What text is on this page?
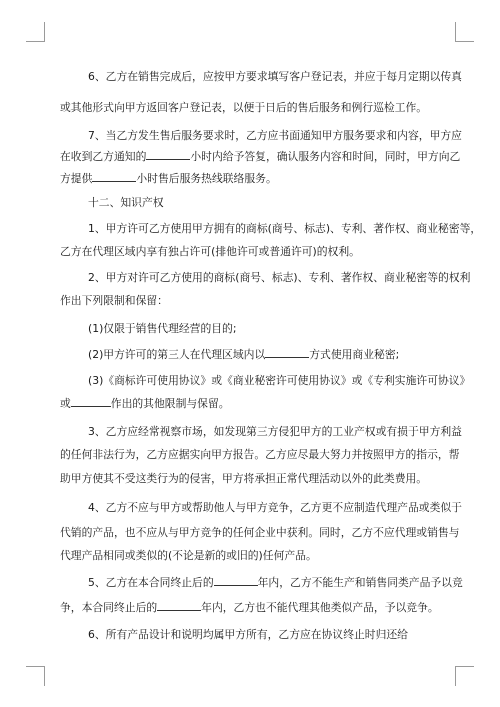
6、乙方在销售完成后，应按甲方要求填写客户登记表，并应于每月定期以传真
或其他形式向甲方返回客户登记表，以便于日后的售后服务和例行巡检工作。
7、当乙方发生售后服务要求时，乙方应书面通知甲方服务要求和内容，甲方应
在收到乙方通知的	小时内给予答复，确认服务内容和时间，同时，甲方向乙
方提供	小时售后服务热线联络服务。
十二、知识产权
1、甲方许可乙方使用甲方拥有的商标(商号、标志)、专利、著作权、商业秘密等，
乙方在代理区域内享有独占许可(排他许可或普通许可)的权利。
2、甲方对许可乙方使用的商标(商号、标志)、专利、著作权、商业秘密等的权利
作出下列限制和保留：
(1)仅限于销售代理经营的目的;
(2)甲方许可的第三人在代理区域内以	方式使用商业秘密;
(3)《商标许可使用协议》或《商业秘密许可使用协议》或《专利实施许可协议》
或	作出的其他限制与保留。
3、乙方应经常视察市场，如发现第三方侵犯甲方的工业产权或有损于甲方利益
的任何非法行为，乙方应据实向甲方报告。乙方应尽最大努力并按照甲方的指示，帮
助甲方使其不受这类行为的侵害，甲方将承担正常代理活动以外的此类费用。
4、乙方不应与甲方或帮助他人与甲方竞争，乙方更不应制造代理产品或类似于
代销的产品，也不应从与甲方竞争的任何企业中获利。同时，乙方不应代理或销售与
代理产品相同或类似的(不论是新的或旧的)任何产品。
5、乙方在本合同终止后的	年内，乙方不能生产和销售同类产品予以竞
争，本合同终止后的	年内，乙方也不能代理其他类似产品，予以竞争。
6、所有产品设计和说明均属甲方所有，乙方应在协议终止时归还给
